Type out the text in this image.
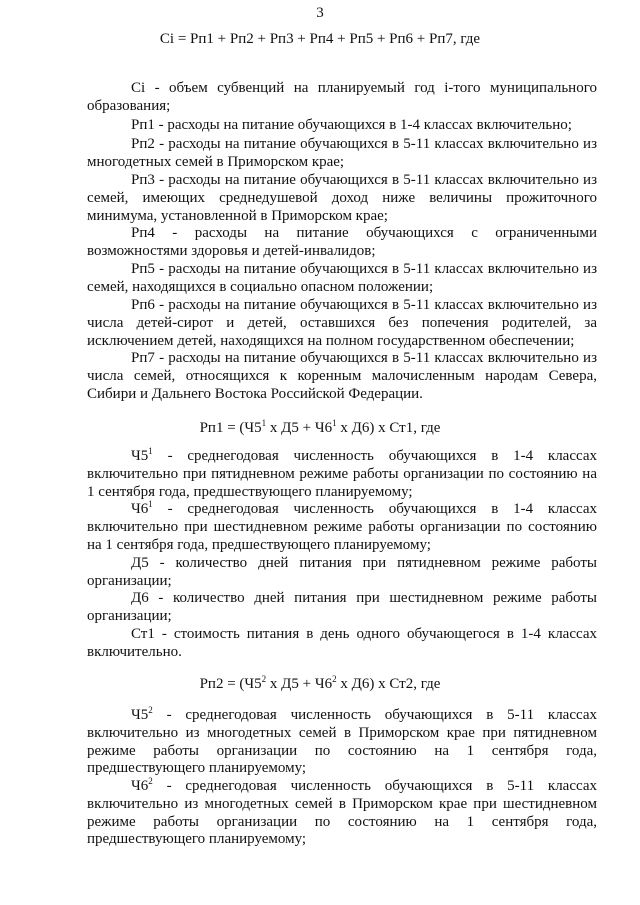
3
Ci = Рп1 + Рп2 + Рп3 + Рп4 + Рп5 + Рп6 + Рп7, где

Ci - объем субвенций на планируемый год i-того муниципального образования;

Рп1 - расходы на питание обучающихся в 1-4 классах включительно;

Рп2 - расходы на питание обучающихся в 5-11 классах включительно из многодетных семей в Приморском крае;

Рп3 - расходы на питание обучающихся в 5-11 классах включительно из семей, имеющих среднедушевой доход ниже величины прожиточного минимума, установленной в Приморском крае;

Рп4 - расходы на питание обучающихся с ограниченными возможностями здоровья и детей-инвалидов;

Рп5 - расходы на питание обучающихся в 5-11 классах включительно из семей, находящихся в социально опасном положении;

Рп6 - расходы на питание обучающихся в 5-11 классах включительно из числа детей-сирот и детей, оставшихся без попечения родителей, за исключением детей, находящихся на полном государственном обеспечении;

Рп7 - расходы на питание обучающихся в 5-11 классах включительно из числа семей, относящихся к коренным малочисленным народам Севера, Сибири и Дальнего Востока Российской Федерации.

$Рп1 = (Ч5^1$ х $Д5 + Ч6^1$ х Д6) х Ст1, где

$Ч5^1$ - среднегодовая численность обучающихся в 1-4 классах включительно при пятидневном режиме работы организации по состоянию на 1 сентября года, предшествующего планируемому;

$Ч6^1$ - среднегодовая численность обучающихся в 1-4 классах включительно при шестидневном режиме работы организации по состоянию на 1 сентября года, предшествующего планируемому;

Д5 - количество дней питания при пятидневном режиме работы организации;

Д6 - количество дней питания при шестидневном режиме работы организации;

Ст1 - стоимость питания в день одного обучающегося в 1-4 классах включительно.

$Рп2 = (Ч5^2$ х $Д5 + Ч6^2$ х Д6) х Ст2, где

$Ч5^2$ - среднегодовая численность обучающихся в 5-11 классах включительно из многодетных семей в Приморском крае при пятидневном режиме работы организации по состоянию на 1 сентября года, предшествующего планируемому;

$Ч6^2$ - среднегодовая численность обучающихся в 5-11 классах включительно из многодетных семей в Приморском крае при шестидневном режиме работы организации по состоянию на 1 сентября года, предшествующего планируемому;
